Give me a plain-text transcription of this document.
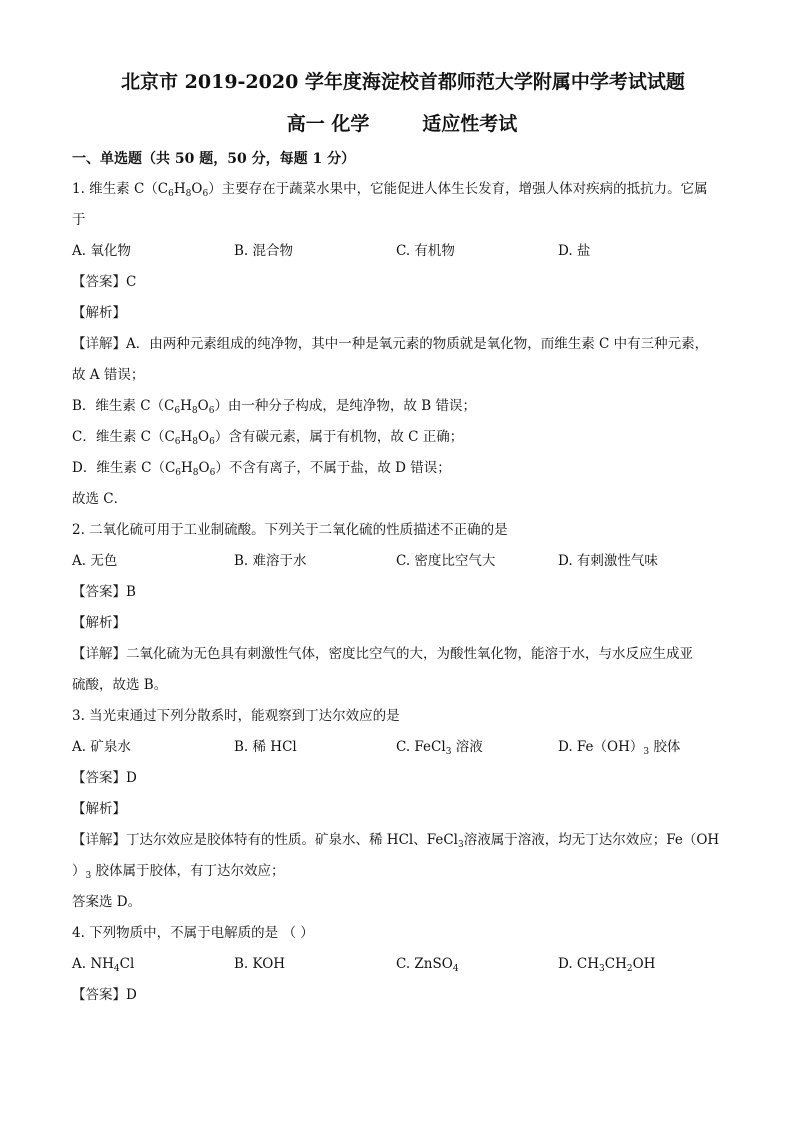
北京市 2019-2020 学年度海淀校首都师范大学附属中学考试试题
高一 化学        适应性考试
一、单选题（共 50 题，50 分，每题 1 分）
1. 维生素 $C(C_6H_8O_6)$主要存在于蔬菜水果中，它能促进人体生长发育，增强人体对疾病的抵抗力。它属
于
A. 氧化物	B. 混合物	C. 有机物	D. 盐
【答案】C
【解析】
【详解】A．由两种元素组成的纯净物，其中一种是氧元素的物质就是氧化物，而维生素 C 中有三种元素，
故 A 错误；
B．维生素 $C(C_6H_8O_6)$由一种分子构成，是纯净物，故 B 错误；
C．维生素 $C(C_6H_8O_6)$含有碳元素，属于有机物，故 C 正确；
D．维生素 $C(C_6H_8O_6)$不含有离子，不属于盐，故 D 错误；
故选 C．
2. 二氧化硫可用于工业制硫酸。下列关于二氧化硫的性质描述不正确的是
A. 无色	B. 难溶于水	C. 密度比空气大	D. 有刺激性气味
【答案】B
【解析】
【详解】二氧化硫为无色具有刺激性气体，密度比空气的大，为酸性氧化物，能溶于水，与水反应生成亚
硫酸，故选 B。
3. 当光束通过下列分散系时，能观察到丁达尔效应的是
A. 矿泉水	B. 稀 HCl	C. FeCl$_3$ 溶液	D. $Fe(OH)_3$ 胶体
【答案】D
【解析】
【详解】丁达尔效应是胶体特有的性质。矿泉水、稀 HCl、FeCl$_3$溶液属于溶液，均无丁达尔效应；Fe（OH
）$_3$ 胶体属于胶体，有丁达尔效应；
答案选 D。
4. 下列物质中，不属于电解质的是 （ ）
A. $NH_4Cl$	B. KOH	C. ZnSO$_4$	D. $CH_3CH_2OH$
【答案】D
